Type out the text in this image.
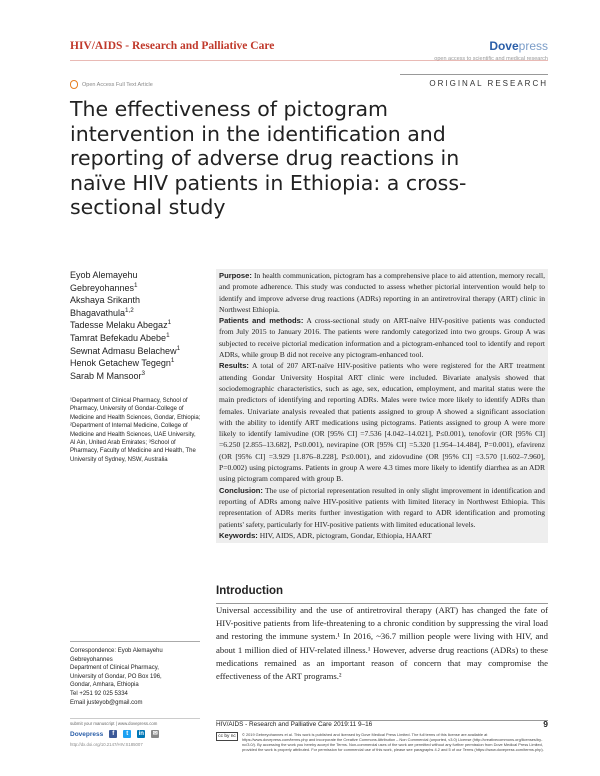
HIV/AIDS - Research and Palliative Care	Dovepress
open access to scientific and medical research
Open Access Full Text Article	ORIGINAL RESEARCH
The effectiveness of pictogram intervention in the identification and reporting of adverse drug reactions in naïve HIV patients in Ethiopia: a cross-sectional study
Eyob Alemayehu
Gebreyohannes$^1$
Akshaya Srikanth
Bhagavathula$^{1,2}$
Tadesse Melaku Abegaz$^1$
Tamrat Befekadu Abebe$^1$
Sewnat Admasu Belachew$^1$
Henok Getachew Tegegn$^1$
Sarab M Mansoor$^3$
¹Department of Clinical Pharmacy, School of Pharmacy, University of Gondar-College of Medicine and Health Sciences, Gondar, Ethiopia; ²Department of Internal Medicine, College of Medicine and Health Sciences, UAE University, Al Ain, United Arab Emirates; ³School of Pharmacy, Faculty of Medicine and Health, The University of Sydney, NSW, Australia
Correspondence: Eyob Alemayehu
Gebreyohannes
Department of Clinical Pharmacy,
University of Gondar, PO Box 196,
Gondar, Amhara, Ethiopia
Tel +251 92 025 5334
Email justeyob@gmail.com
submit your manuscript | www.dovepress.com
Dovepress	f	t	in ✉
http://dx.doi.org/10.2147/HIV.S185007

Purpose: In health communication, pictogram has a comprehensive place to aid attention, memory recall, and promote adherence. This study was conducted to assess whether pictorial intervention would help to identify and improve adverse drug reactions (ADRs) reporting in an antiretroviral therapy (ART) clinic in Northwest Ethiopia.

Patients and methods: A cross-sectional study on ART-naïve HIV-positive patients was conducted from July 2015 to January 2016. The patients were randomly categorized into two groups. Group A was subjected to receive pictorial medication information and a pictogram-enhanced tool to identify and report ADRs, while group B did not receive any pictogram-enhanced tool.

Results: A total of 207 ART-naïve HIV-positive patients who were registered for the ART treatment attending Gondar University Hospital ART clinic were included. Bivariate analysis showed that sociodemographic characteristics, such as age, sex, education, employment, and marital status were the main predictors of identifying and reporting ADRs. Males were twice more likely to identify ADRs than females. Univariate analysis revealed that patients assigned to group A showed a significant association with the ability to identify ART medications using pictograms. Patients assigned to group A were more likely to identify lamivudine (OR [95% CI] =7.536 [4.042–14.021], P≤0.001), tenofovir (OR [95% CI] =6.250 [2.855–13.682], P≤0.001), nevirapine (OR [95% CI] =5.320 [1.954–14.484], P=0.001), efavirenz (OR [95% CI] =3.929 [1.876–8.228], P≤0.001), and zidovudine (OR [95% CI] =3.570 [1.602–7.960], P=0.002) using pictograms. Patients in group A were 4.3 times more likely to identify diarrhea as an ADR using pictogram compared with group B.

Conclusion: The use of pictorial representation resulted in only slight improvement in identification and reporting of ADRs among naïve HIV-positive patients with limited literacy in Northwest Ethiopia. This representation of ADRs merits further investigation with regard to ADR identification and promoting patients' safety, particularly for HIV-positive patients with limited educational levels.

Keywords: HIV, AIDS, ADR, pictogram, Gondar, Ethiopia, HAART

Introduction
Universal accessibility and the use of antiretroviral therapy (ART) has changed the fate of HIV-positive patients from life-threatening to a chronic condition by suppressing the viral load and restoring the immune system.¹ In 2016, ~36.7 million people were living with HIV, and about 1 million died of HIV-related illness.¹ However, adverse drug reactions (ADRs) to these medications remained as an important reason of concern that may compromise the effectiveness of the ART programs.²
HIV/AIDS - Research and Palliative Care 2019:11 9–16	9
cc by nc	© 2019 Gebreyohannes et al. This work is published and licensed by Dove Medical Press Limited. The full terms of this license are available at https://www.dovepress.com/terms.php and incorporate the Creative Commons Attribution – Non Commercial (unported, v3.0) License (http://creativecommons.org/licenses/by-nc/3.0/). By accessing the work you hereby accept the Terms. Non-commercial uses of the work are permitted without any further permission from Dove Medical Press Limited, provided the work is properly attributed. For permission for commercial use of this work, please see paragraphs 4.2 and 5 of our Terms (https://www.dovepress.com/terms.php).
